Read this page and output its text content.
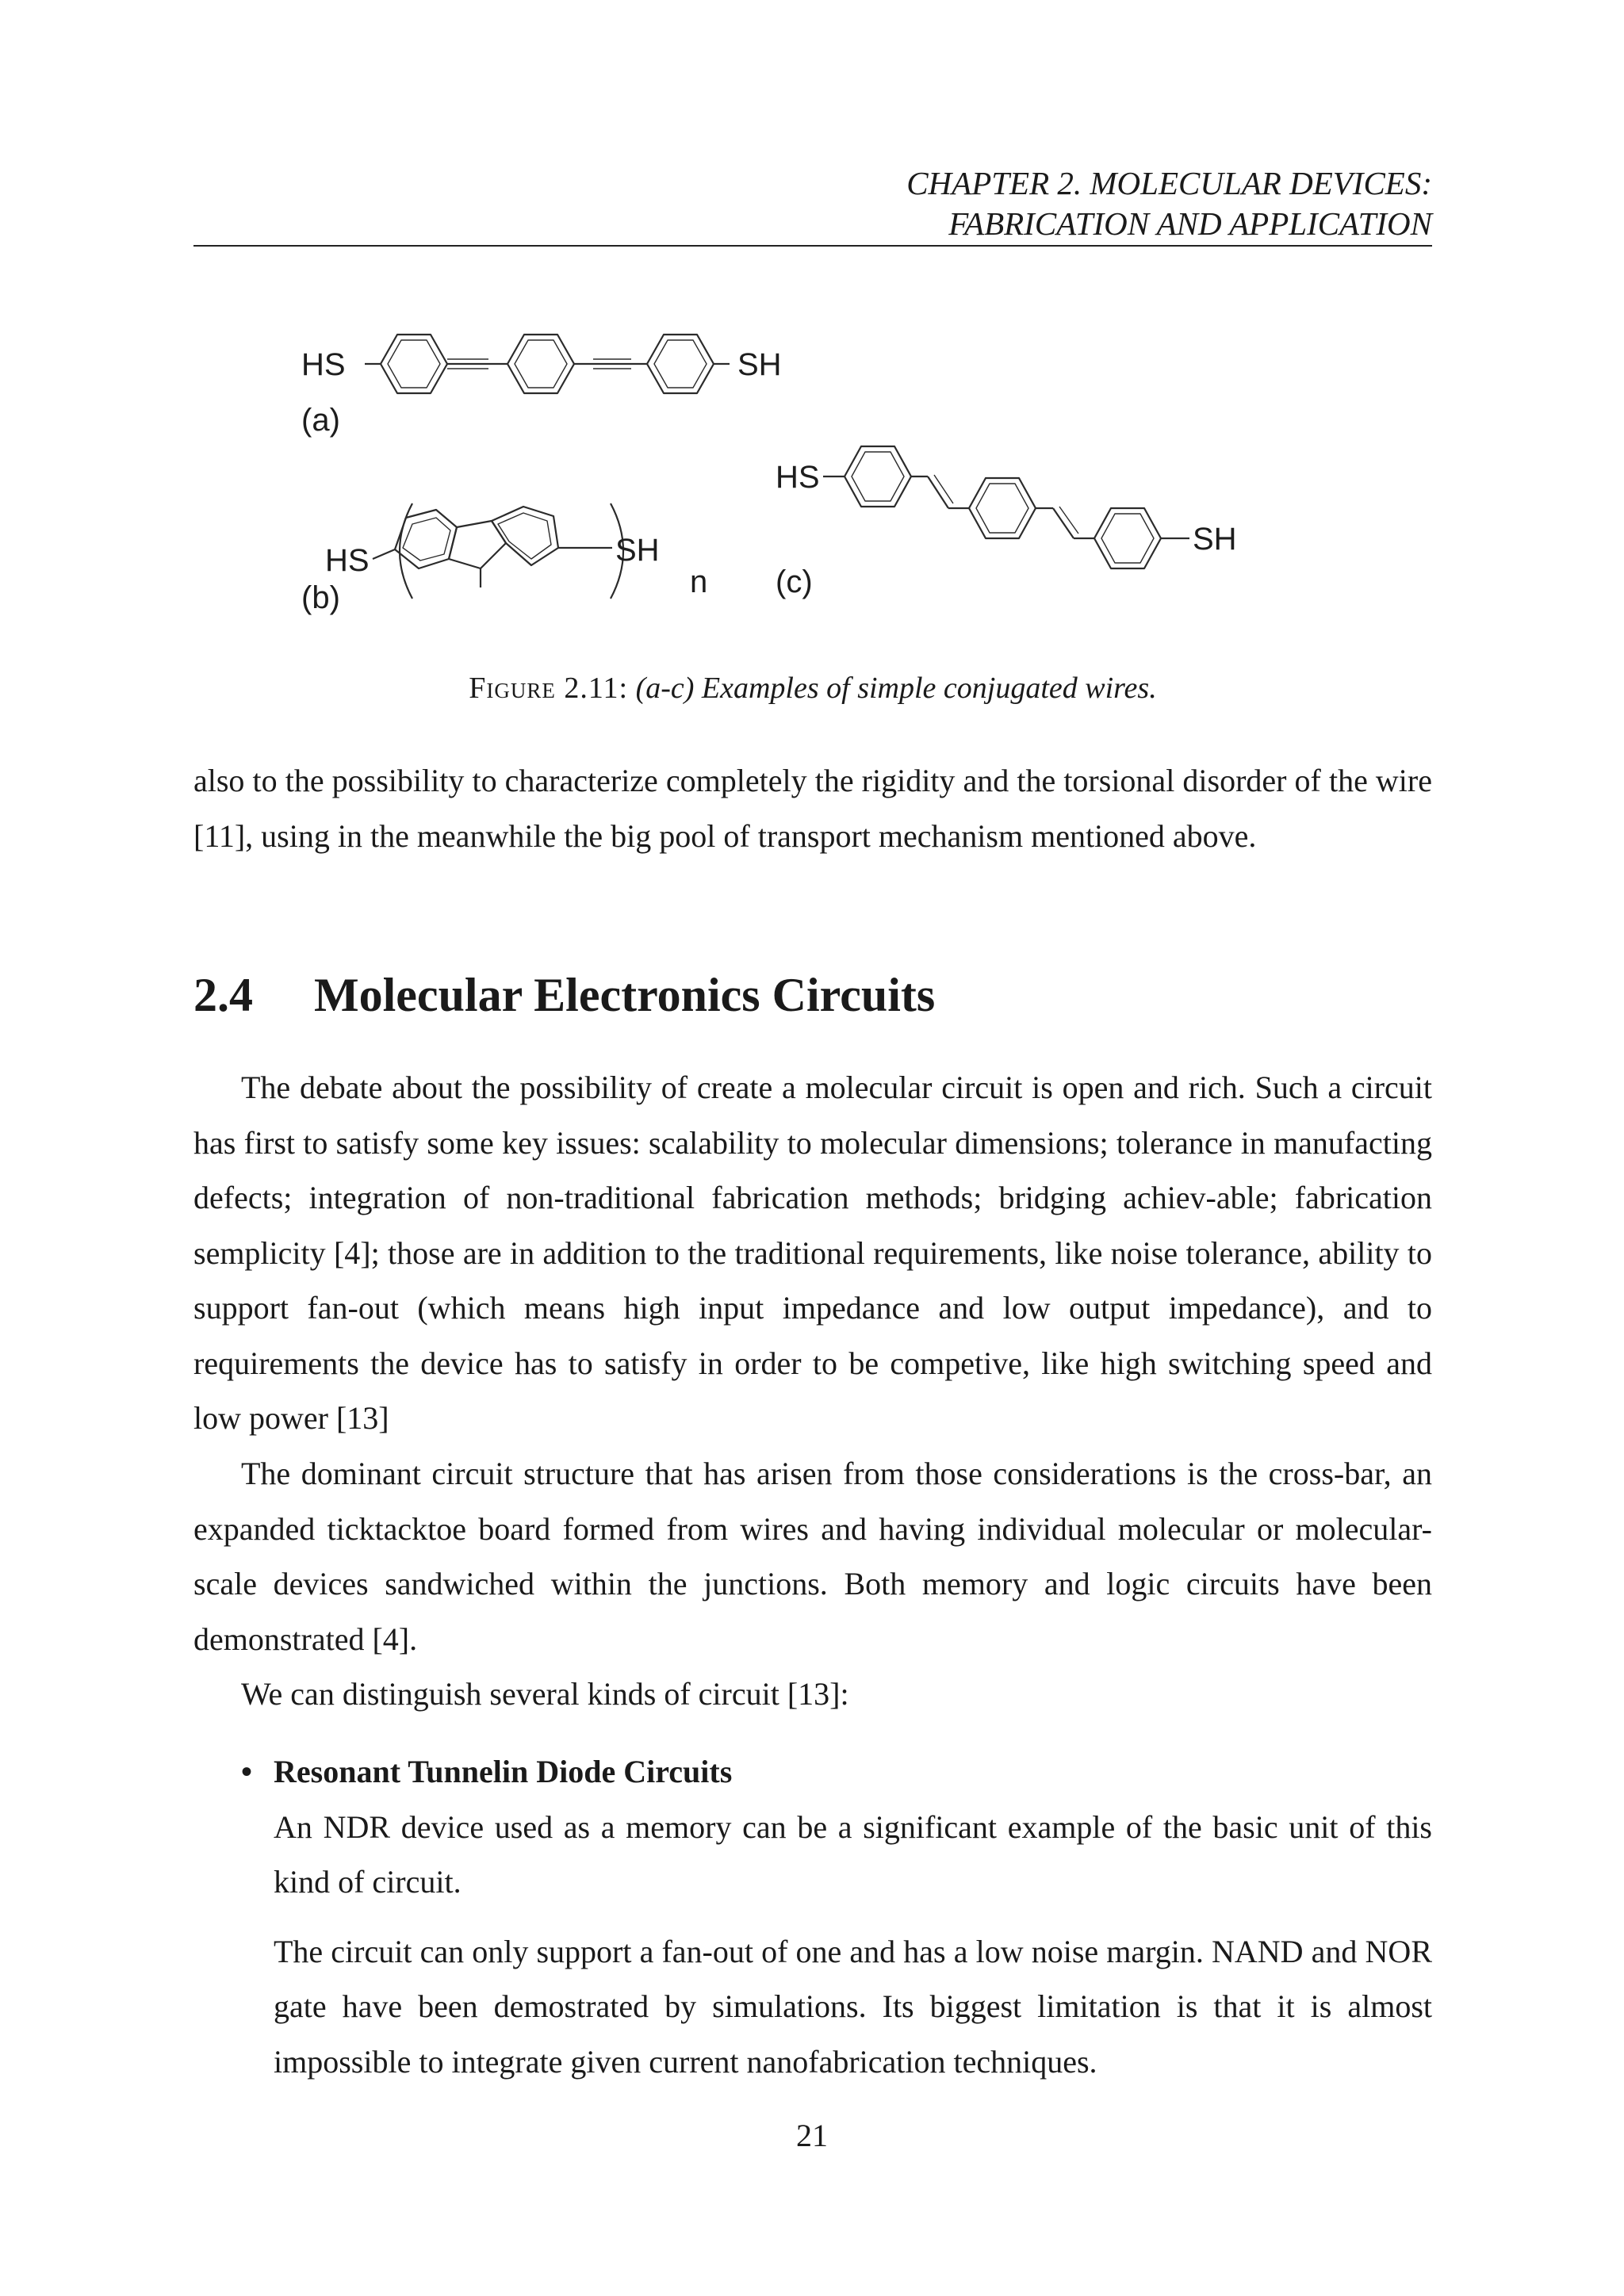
CHAPTER 2. MOLECULAR DEVICES:
FABRICATION AND APPLICATION
HS	SH
(a)
HS	SH
n
(b)
HS
SH
(c)
Figure 2.11: (a-c) Examples of simple conjugated wires.
also to the possibility to characterize completely the rigidity and the torsional disorder of the wire [11], using in the meanwhile the big pool of transport mechanism mentioned above.
2.4 Molecular Electronics Circuits
The debate about the possibility of create a molecular circuit is open and rich. Such a circuit has first to satisfy some key issues: scalability to molecular dimensions; tolerance in manufacting defects; integration of non-traditional fabrication methods; bridging achiev-able; fabrication semplicity [4]; those are in addition to the traditional requirements, like noise tolerance, ability to support fan-out (which means high input impedance and low output impedance), and to requirements the device has to satisfy in order to be competive, like high switching speed and low power [13]
The dominant circuit structure that has arisen from those considerations is the cross-bar, an expanded ticktacktoe board formed from wires and having individual molecular or molecular-scale devices sandwiched within the junctions. Both memory and logic circuits have been demonstrated [4].
We can distinguish several kinds of circuit [13]:
• Resonant Tunnelin Diode Circuits
An NDR device used as a memory can be a significant example of the basic unit of this kind of circuit.
The circuit can only support a fan-out of one and has a low noise margin. NAND and NOR gate have been demostrated by simulations. Its biggest limitation is that it is almost impossible to integrate given current nanofabrication techniques.
21
